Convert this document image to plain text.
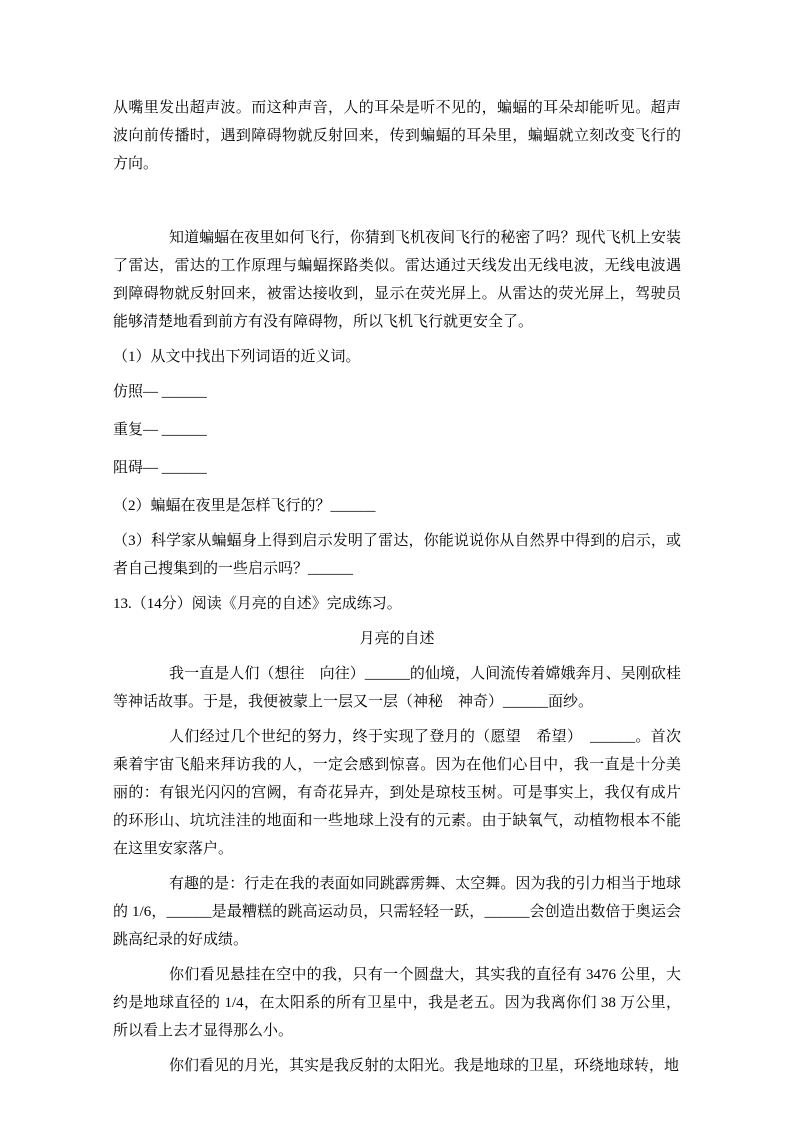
从嘴里发出超声波。而这种声音，人的耳朵是听不见的，蝙蝠的耳朵却能听见。超声波向前传播时，遇到障碍物就反射回来，传到蝙蝠的耳朵里，蝙蝠就立刻改变飞行的方向。

知道蝙蝠在夜里如何飞行，你猜到飞机夜间飞行的秘密了吗？现代飞机上安装了雷达，雷达的工作原理与蝙蝠探路类似。雷达通过天线发出无线电波，无线电波遇到障碍物就反射回来，被雷达接收到，显示在荧光屏上。从雷达的荧光屏上，驾驶员能够清楚地看到前方有没有障碍物，所以飞机飞行就更安全了。

（1）从文中找出下列词语的近义词。

仿照— ______

重复— ______

阻碍— ______

（2）蝙蝠在夜里是怎样飞行的？______

（3）科学家从蝙蝠身上得到启示发明了雷达，你能说说你从自然界中得到的启示，或者自己搜集到的一些启示吗？______

13.（14分）阅读《月亮的自述》完成练习。

月亮的自述

我一直是人们（想往　向往）______的仙境，人间流传着嫦娥奔月、吴刚砍桂等神话故事。于是，我便被蒙上一层又一层（神秘　神奇）______面纱。

人们经过几个世纪的努力，终于实现了登月的（愿望　希望）　______。首次乘着宇宙飞船来拜访我的人，一定会感到惊喜。因为在他们心目中，我一直是十分美丽的：有银光闪闪的宫阙，有奇花异卉，到处是琼枝玉树。可是事实上，我仅有成片的环形山、坑坑洼洼的地面和一些地球上没有的元素。由于缺氧气，动植物根本不能在这里安家落户。

有趣的是：行走在我的表面如同跳霹雳舞、太空舞。因为我的引力相当于地球的 1/6，______是最糟糕的跳高运动员，只需轻轻一跃，______会创造出数倍于奥运会跳高纪录的好成绩。

你们看见悬挂在空中的我，只有一个圆盘大，其实我的直径有 3476 公里，大约是地球直径的 1/4，在太阳系的所有卫星中，我是老五。因为我离你们 38 万公里，所以看上去才显得那么小。

你们看见的月光，其实是我反射的太阳光。我是地球的卫星，环绕地球转，地
